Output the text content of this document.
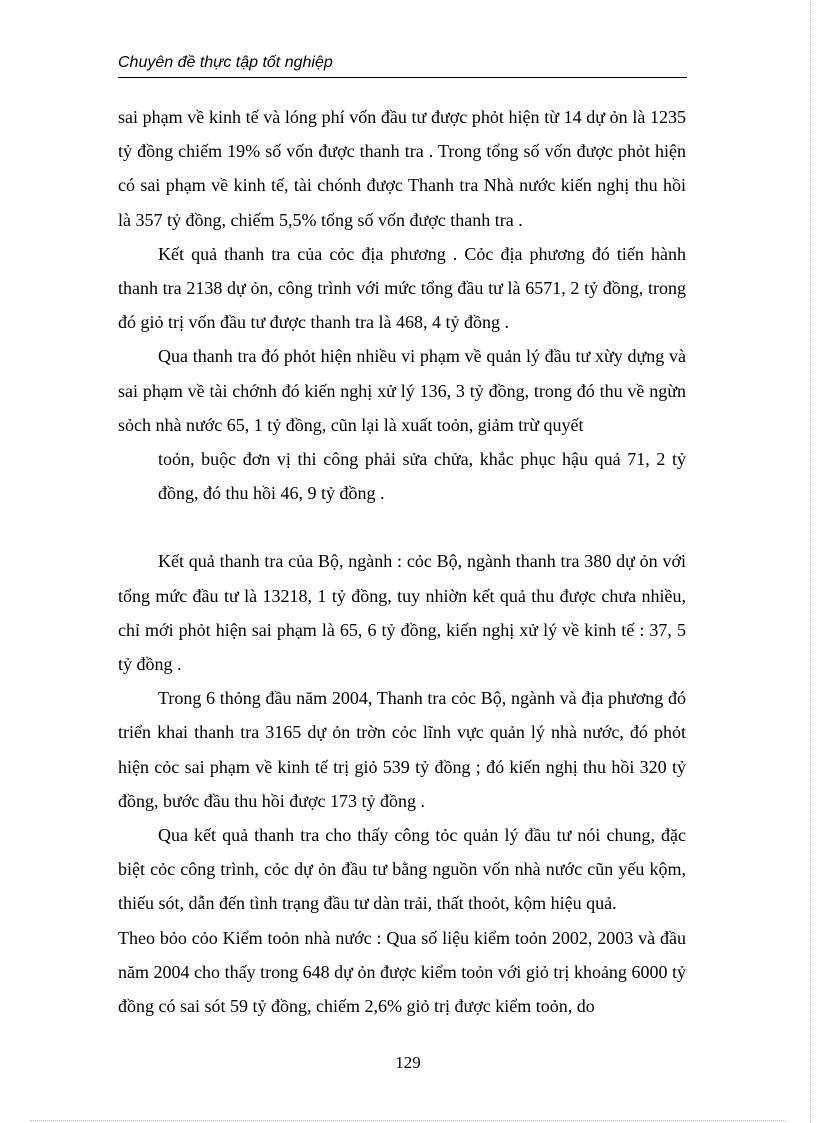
Chuyên đề thực tập tốt nghiệp

sai phạm về kinh tế và lóng phí vốn đầu tư được phỏt hiện từ 14 dự ỏn là 1235 tỷ đồng chiếm 19% số vốn được thanh tra . Trong tổng số vốn được phỏt hiện có sai phạm về kinh tế, tài chónh được Thanh tra Nhà nước kiến nghị thu hồi là 357 tỷ đồng, chiếm 5,5% tổng số vốn được thanh tra .

Kết quả thanh tra của cỏc địa phương . Cỏc địa phương đó tiến hành thanh tra 2138 dự ỏn, công trình với mức tổng đầu tư là 6571, 2 tỷ đồng, trong đó giỏ trị vốn đầu tư được thanh tra là 468, 4 tỷ đồng .

Qua thanh tra đó phỏt hiện nhiều vi phạm về quản lý đầu tư xừy dựng và sai phạm về tài chớnh đó kiến nghị xử lý 136, 3 tỷ đồng, trong đó thu về ngừn sỏch nhà nước 65, 1 tỷ đồng, cũn lại là xuất toỏn, giảm trừ quyết

toỏn, buộc đơn vị thi công phải sửa chửa, khắc phục hậu quả 71, 2 tỷ đồng, đó thu hồi 46, 9 tỷ đồng .

Kết quả thanh tra của Bộ, ngành : cỏc Bộ, ngành thanh tra 380 dự ỏn với tổng mức đầu tư là 13218, 1 tỷ đồng, tuy nhiờn kết quả thu được chưa nhiều, chỉ mới phỏt hiện sai phạm là 65, 6 tỷ đồng, kiến nghị xử lý về kinh tế : 37, 5 tỷ đồng .

Trong 6 thỏng đầu năm 2004, Thanh tra cỏc Bộ, ngành và địa phương đó triển khai thanh tra 3165 dự ỏn trờn cỏc lĩnh vực quản lý nhà nước, đó phỏt hiện cỏc sai phạm về kinh tế trị giỏ 539 tỷ đồng ; đó kiến nghị thu hồi 320 tỷ đồng, bước đầu thu hồi được 173 tỷ đồng .

Qua kết quả thanh tra cho thấy công tỏc quản lý đầu tư nói chung, đặc biệt cỏc công trình, cỏc dự ỏn đầu tư bằng nguồn vốn nhà nước cũn yếu kộm, thiếu sót, dẫn đến tình trạng đầu tư dàn trải, thất thoỏt, kộm hiệu quả.

Theo bỏo cỏo Kiểm toỏn nhà nước : Qua số liệu kiểm toỏn 2002, 2003 và đầu năm 2004 cho thấy trong 648 dự ỏn được kiểm toỏn với giỏ trị khoảng 6000 tỷ đồng có sai sót 59 tỷ đồng, chiếm 2,6% giỏ trị được kiểm toỏn, do

129
